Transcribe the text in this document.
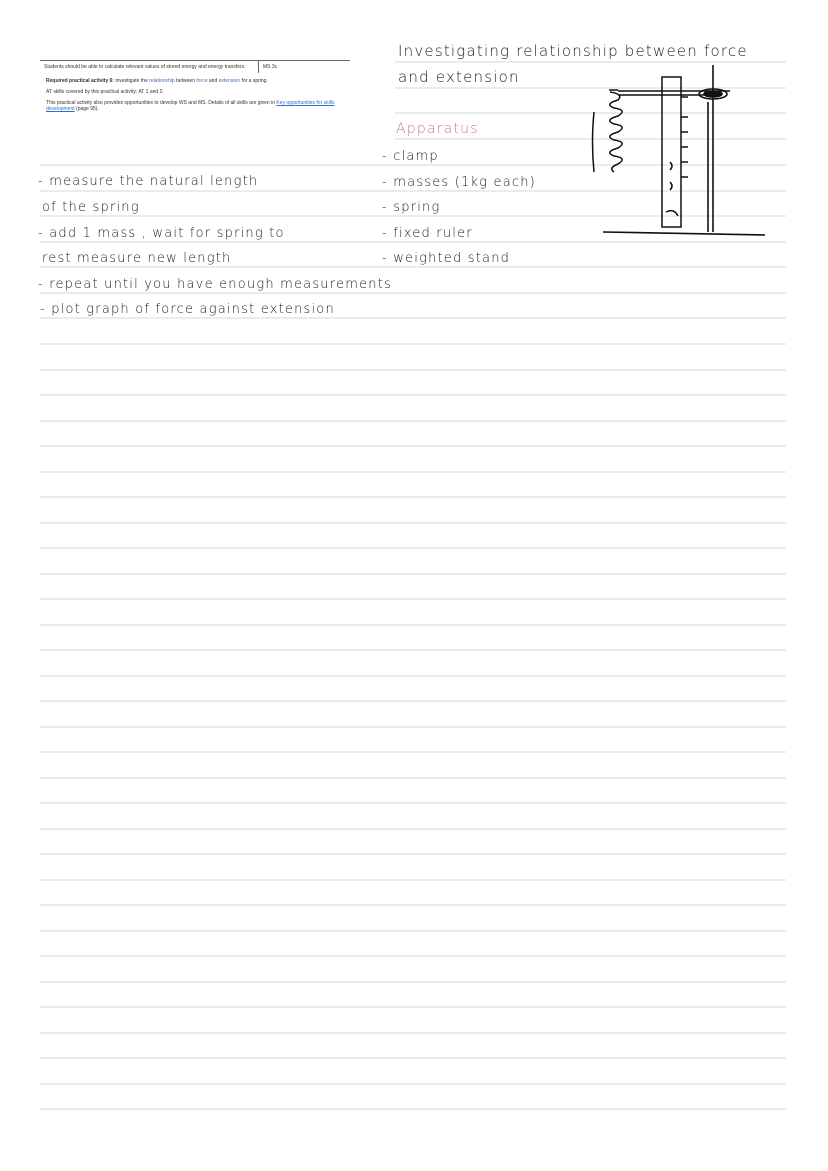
Students should be able to calculate relevant values of stored energy and energy transfers.	MS 3c

Required practical activity 6: investigate the relationship between force and extension for a spring.

AT skills covered by this practical activity: AT 1 and 2.

This practical activity also provides opportunities to develop WS and MS. Details of all skills are given in Key opportunities for skills development (page 95).

Investigating relationship between force
and extension
Apparatus
- clamp
- masses (1kg each)
- spring
- fixed ruler
- weighted stand
- measure the natural length
of the spring
- add 1 mass , wait for spring to
rest measure new length
- repeat until you have enough measurements
- plot graph of force against extension
